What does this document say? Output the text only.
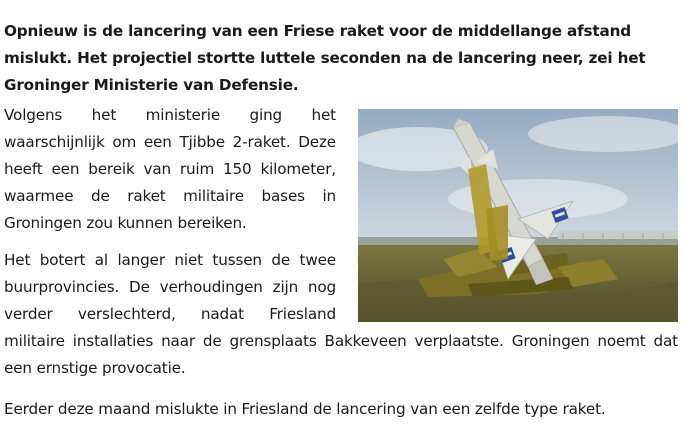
Opnieuw is de lancering van een Friese raket voor de middellange afstand mislukt. Het projectiel stortte luttele seconden na de lancering neer, zei het Groninger Ministerie van Defensie.

Volgens het ministerie ging het waarschijnlijk om een Tjibbe 2-raket. Deze heeft een bereik van ruim 150 kilometer, waarmee de raket militaire bases in Groningen zou kunnen bereiken.

Het botert al langer niet tussen de twee buurprovincies. De verhoudingen zijn nog verder verslechterd, nadat Friesland militaire installaties naar de grensplaats Bakkeveen verplaatste. Groningen noemt dat een ernstige provocatie.

Eerder deze maand mislukte in Friesland de lancering van een zelfde type raket.
